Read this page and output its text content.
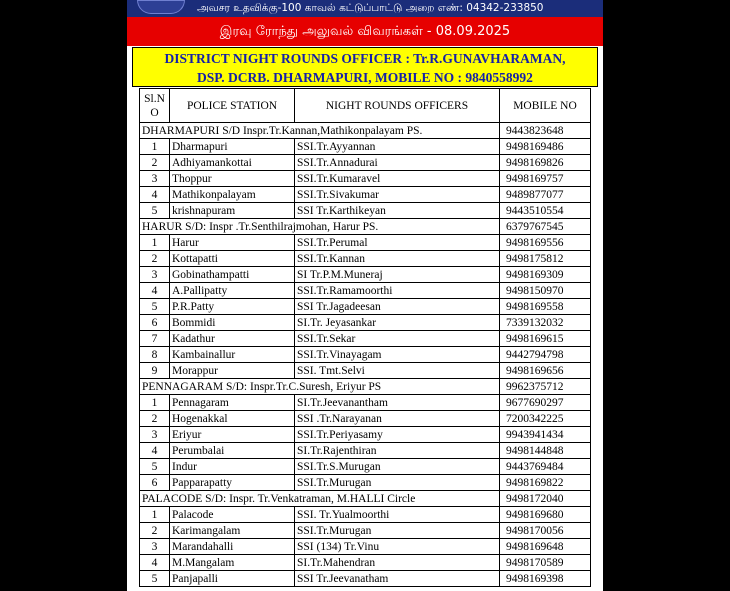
அவசர உதவிக்கு-100 காவல் கட்டுப்பாட்டு அறை எண்: 04342-233850
இரவு ரோந்து அலுவல் விவரங்கள் - 08.09.2025
DISTRICT NIGHT ROUNDS OFFICER : Tr.R.GUNAVHARAMAN,
DSP. DCRB. DHARMAPURI, MOBILE NO : 9840558992
Sl.N O	POLICE STATION	NIGHT ROUNDS OFFICERS	MOBILE NO
DHARMAPURI S/D Inspr.Tr.Kannan,Mathikonpalayam PS.			9443823648
1	Dharmapuri	SSI.Tr.Ayyannan	9498169486
2	Adhiyamankottai	SSI.Tr.Annadurai	9498169826
3	Thoppur	SSI.Tr.Kumaravel	9498169757
4	Mathikonpalayam	SSI.Tr.Sivakumar	9489877077
5	krishnapuram	SSI Tr.Karthikeyan	9443510554
HARUR S/D: Inspr .Tr.Senthilrajmohan, Harur PS.			6379767545
1	Harur	SSI.Tr.Perumal	9498169556
2	Kottapatti	SSI.Tr.Kannan	9498175812
3	Gobinathampatti	SI Tr.P.M.Muneraj	9498169309
4	A.Pallipatty	SSI.Tr.Ramamoorthi	9498150970
5	P.R.Patty	SSI Tr.Jagadeesan	9498169558
6	Bommidi	SI.Tr. Jeyasankar	7339132032
7	Kadathur	SSI.Tr.Sekar	9498169615
8	Kambainallur	SSI.Tr.Vinayagam	9442794798
9	Morappur	SSI. Tmt.Selvi	9498169656
PENNAGARAM S/D: Inspr.Tr.C.Suresh, Eriyur PS			9962375712
1	Pennagaram	SI.Tr.Jeevanantham	9677690297
2	Hogenakkal	SSI .Tr.Narayanan	7200342225
3	Eriyur	SSI.Tr.Periyasamy	9943941434
4	Perumbalai	SI.Tr.Rajenthiran	9498144848
5	Indur	SSI.Tr.S.Murugan	9443769484
6	Papparapatty	SSI.Tr.Murugan	9498169822
PALACODE S/D: Inspr. Tr.Venkatraman, M.HALLI Circle			9498172040
1	Palacode	SSI. Tr.Yualmoorthi	9498169680
2	Karimangalam	SSI.Tr.Murugan	9498170056
3	Marandahalli	SSI (134) Tr.Vinu	9498169648
4	M.Mangalam	SI.Tr.Mahendran	9498170589
5	Panjapalli	SSI Tr.Jeevanatham	9498169398
